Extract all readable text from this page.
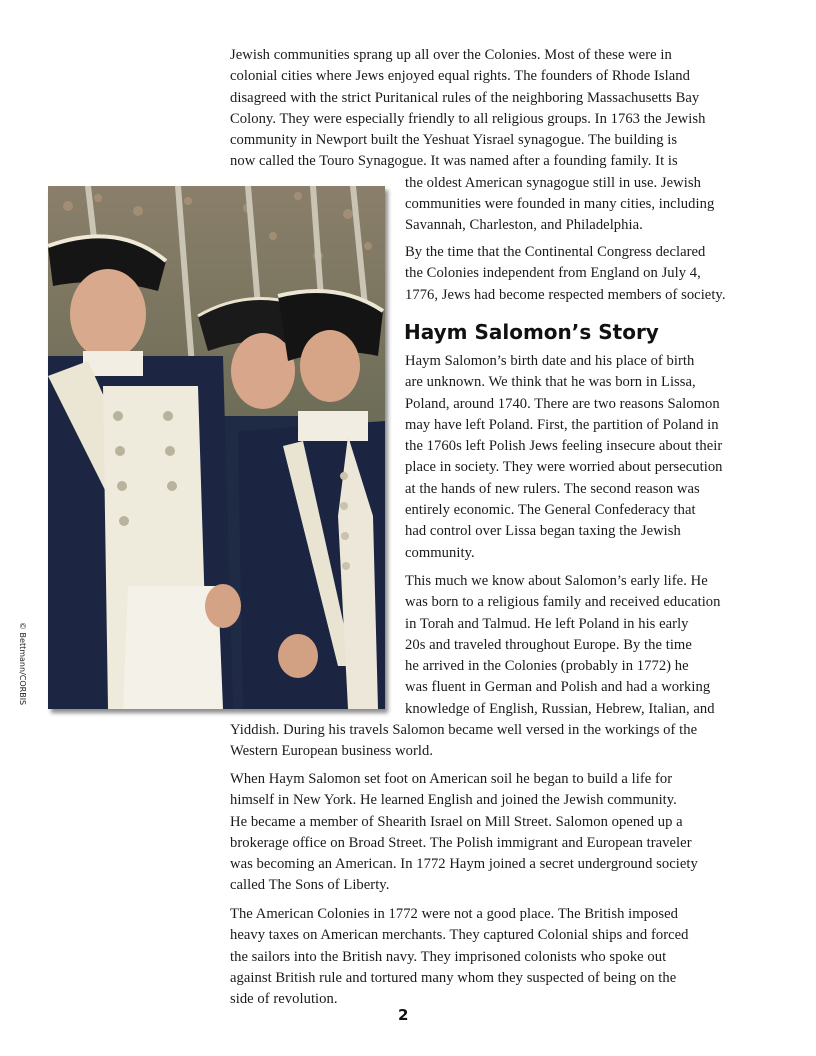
Jewish communities sprang up all over the Colonies. Most of these were in
colonial cities where Jews enjoyed equal rights. The founders of Rhode Island
disagreed with the strict Puritanical rules of the neighboring Massachusetts Bay
Colony. They were especially friendly to all religious groups. In 1763 the Jewish
community in Newport built the Yeshuat Yisrael synagogue. The building is
now called the Touro Synagogue. It was named after a founding family. It is
the oldest American synagogue still in use. Jewish
communities were founded in many cities, including
Savannah, Charleston, and Philadelphia.

By the time that the Continental Congress declared
the Colonies independent from England on July 4,
1776, Jews had become respected members of society.

Haym Salomon’s Story

Haym Salomon’s birth date and his place of birth
are unknown. We think that he was born in Lissa,
Poland, around 1740. There are two reasons Salomon
may have left Poland. First, the partition of Poland in
the 1760s left Polish Jews feeling insecure about their
place in society. They were worried about persecution
at the hands of new rulers. The second reason was
entirely economic. The General Confederacy that
had control over Lissa began taxing the Jewish
community.

This much we know about Salomon’s early life. He
was born to a religious family and received education
in Torah and Talmud. He left Poland in his early
20s and traveled throughout Europe. By the time
he arrived in the Colonies (probably in 1772) he
was fluent in German and Polish and had a working
knowledge of English, Russian, Hebrew, Italian, and
Yiddish. During his travels Salomon became well versed in the workings of the
Western European business world.

When Haym Salomon set foot on American soil he began to build a life for
himself in New York. He learned English and joined the Jewish community.
He became a member of Shearith Israel on Mill Street. Salomon opened up a
brokerage office on Broad Street. The Polish immigrant and European traveler
was becoming an American. In 1772 Haym joined a secret underground society
called The Sons of Liberty.

The American Colonies in 1772 were not a good place. The British imposed
heavy taxes on American merchants. They captured Colonial ships and forced
the sailors into the British navy. They imprisoned colonists who spoke out
against British rule and tortured many whom they suspected of being on the
side of revolution.

© Bettmann/CORBIS

2
